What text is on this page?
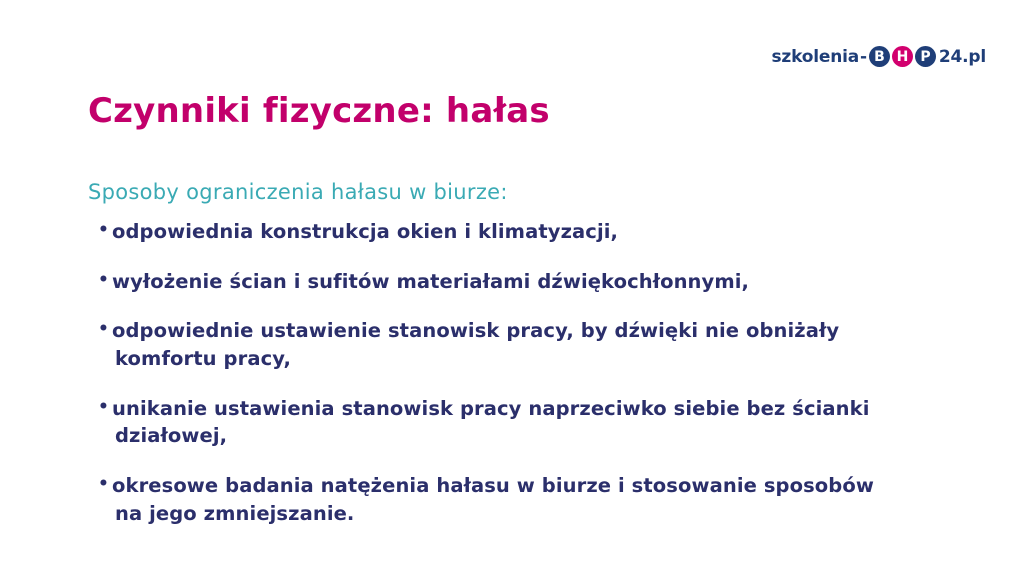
szkolenia - B H P 24.pl
Czynniki fizyczne: hałas
Sposoby ograniczenia hałasu w biurze:
• odpowiednia konstrukcja okien i klimatyzacji,
• wyłożenie ścian i sufitów materiałami dźwiękochłonnymi,
• odpowiednie ustawienie stanowisk pracy, by dźwięki nie obniżały
komfortu pracy,
• unikanie ustawienia stanowisk pracy naprzeciwko siebie bez ścianki
działowej,
• okresowe badania natężenia hałasu w biurze i stosowanie sposobów
na jego zmniejszanie.
